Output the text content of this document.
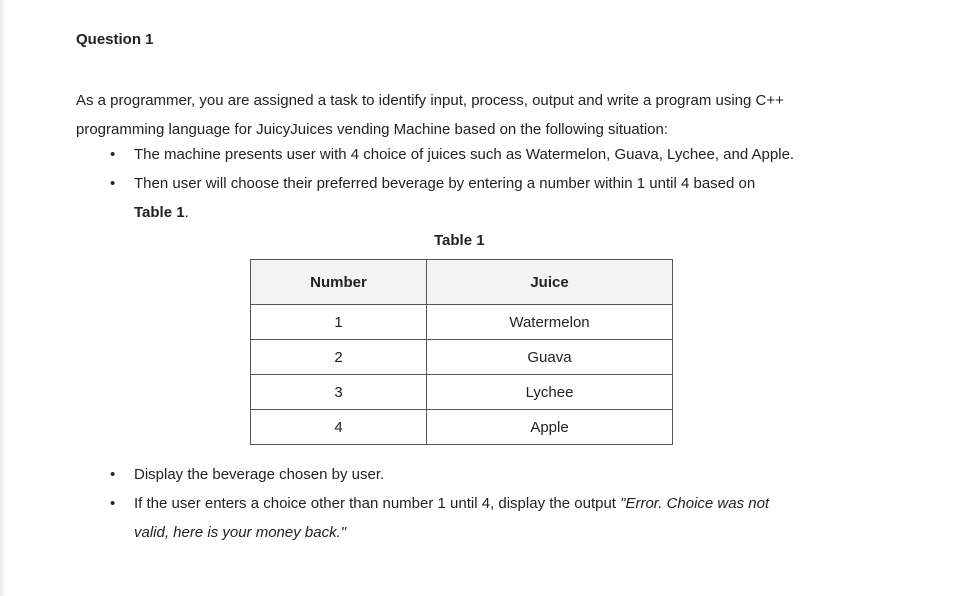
Question 1

As a programmer, you are assigned a task to identify input, process, output and write a program using C++

programming language for JuicyJuices vending Machine based on the following situation:

• The machine presents user with 4 choice of juices such as Watermelon, Guava, Lychee, and Apple.
• Then user will choose their preferred beverage by entering a number within 1 until 4 based on
Table 1.
Table 1
Number	Juice
1	Watermelon
2	Guava
3	Lychee
4	Apple
• Display the beverage chosen by user.
• If the user enters a choice other than number 1 until 4, display the output "Error. Choice was not
valid, here is your money back."
